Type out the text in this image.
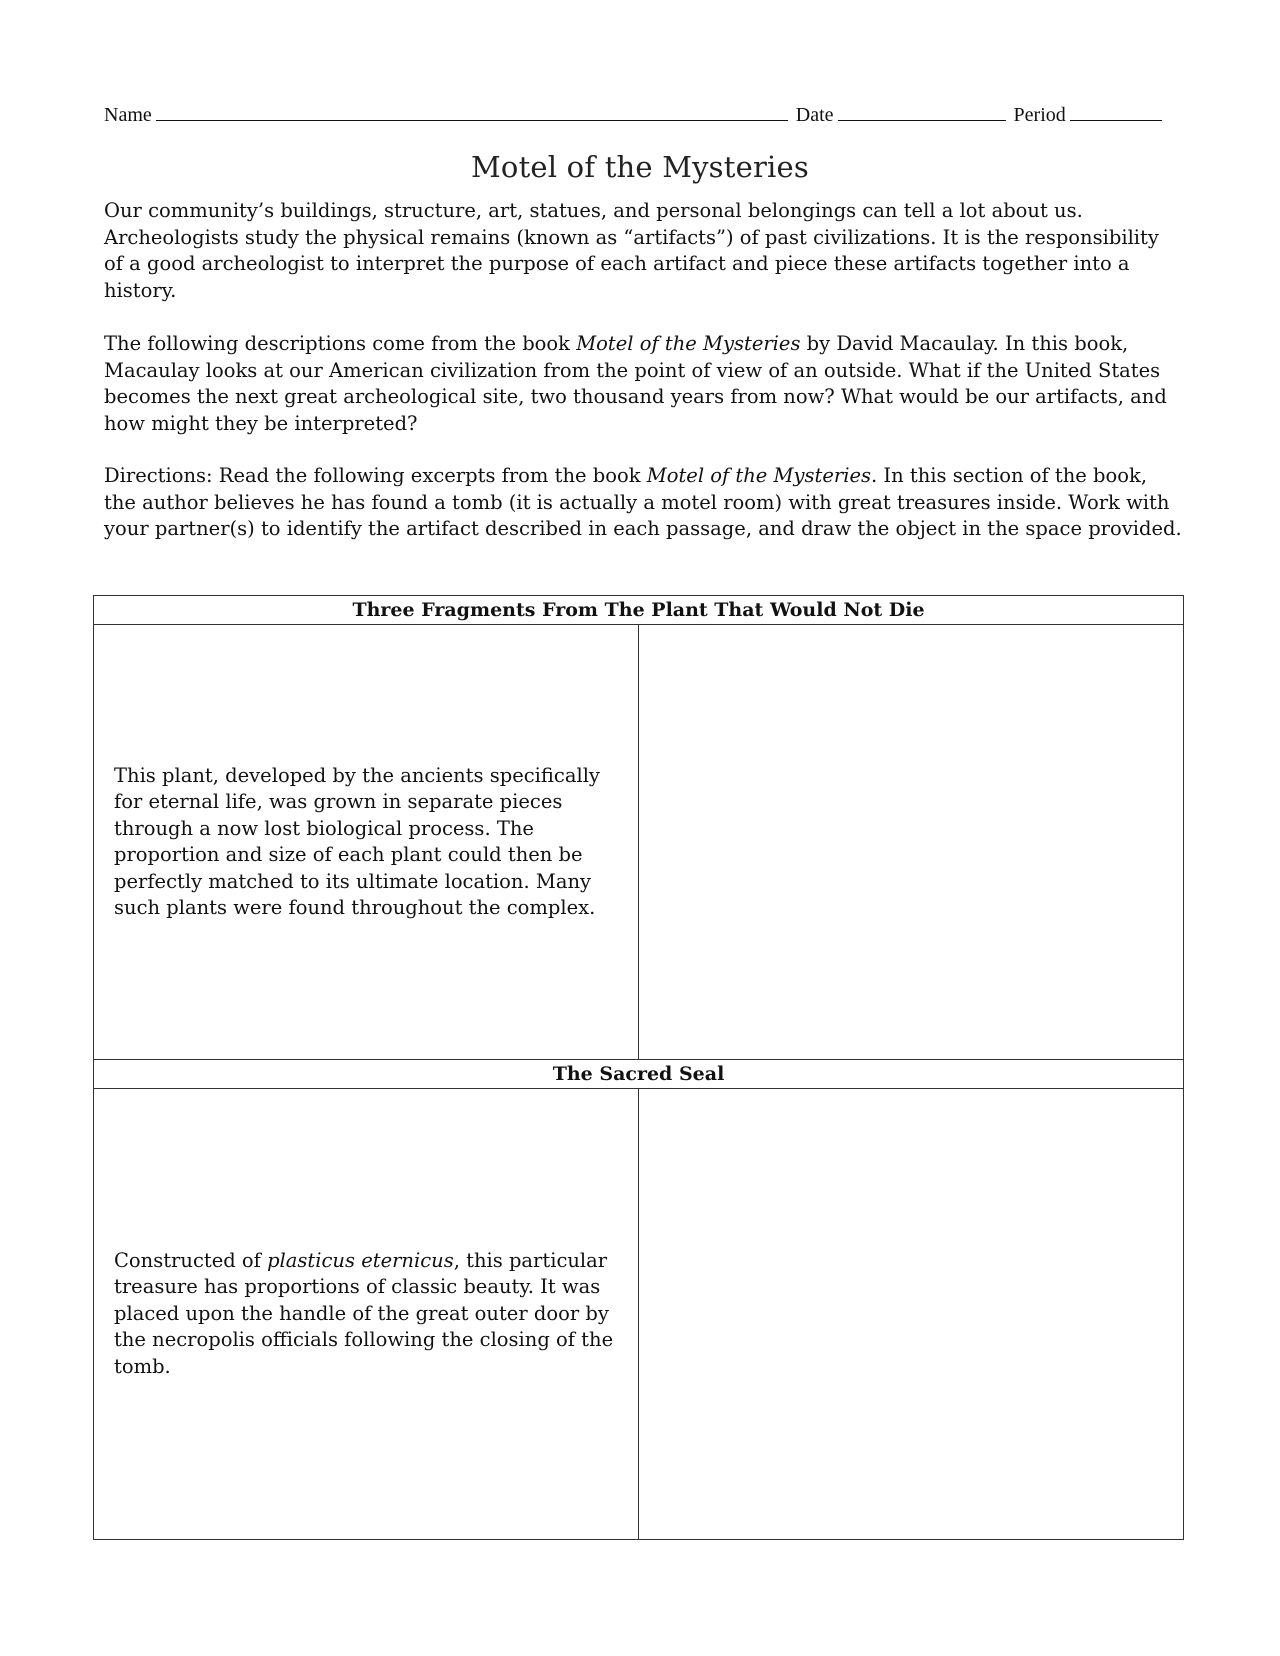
Name	Date	Period
Motel of the Mysteries

Our community’s buildings, structure, art, statues, and personal belongings can tell a lot about us. Archeologists study the physical remains (known as “artifacts”) of past civilizations. It is the responsibility of a good archeologist to interpret the purpose of each artifact and piece these artifacts together into a history.

The following descriptions come from the book Motel of the Mysteries by David Macaulay. In this book, Macaulay looks at our American civilization from the point of view of an outside. What if the United States becomes the next great archeological site, two thousand years from now? What would be our artifacts, and how might they be interpreted?

Directions: Read the following excerpts from the book Motel of the Mysteries. In this section of the book, the author believes he has found a tomb (it is actually a motel room) with great treasures inside. Work with your partner(s) to identify the artifact described in each passage, and draw the object in the space provided.

Three Fragments From The Plant That Would Not Die	

This plant, developed by the ancients specifically for eternal life, was grown in separate pieces through a now lost biological process. The proportion and size of each plant could then be perfectly matched to its ultimate location. Many such plants were found throughout the complex.	

The Sacred Seal	

Constructed of plasticus eternicus, this particular treasure has proportions of classic beauty. It was placed upon the handle of the great outer door by the necropolis officials following the closing of the tomb.	
